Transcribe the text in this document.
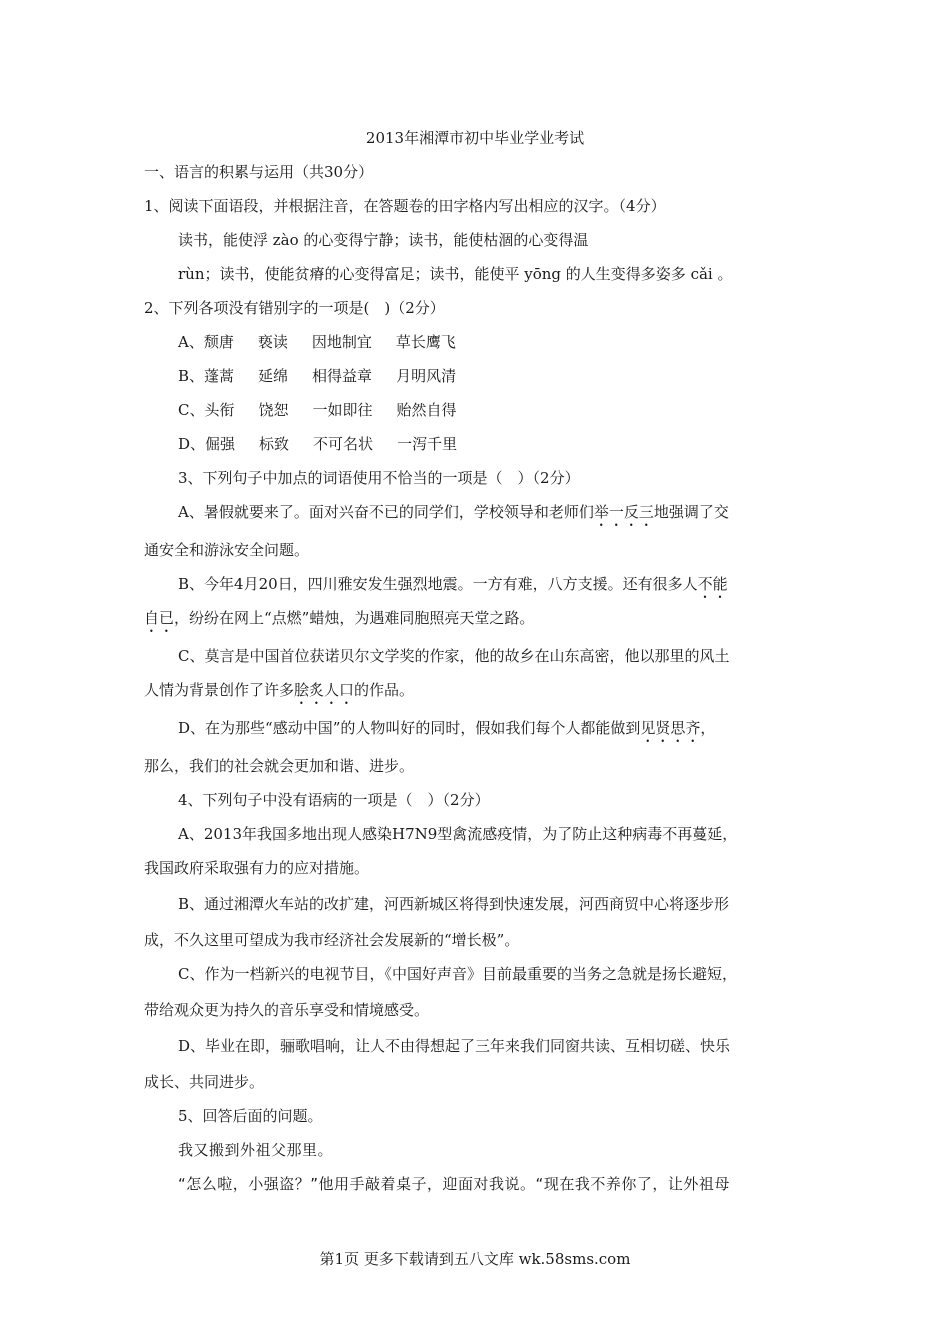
2013年湘潭市初中毕业学业考试
一、语言的积累与运用（共30分）
1、阅读下面语段，并根据注音，在答题卷的田字格内写出相应的汉字。（4分）
读书，能使浮 zào 的心变得宁静；读书，能使枯涸的心变得温
rùn；读书，使能贫瘠的心变得富足；读书，能使平 yōng 的人生变得多姿多 cǎi 。
2、下列各项没有错别字的一项是(　)（2分）
A、颓唐 亵读 因地制宜 草长鹰飞
B、蓬蒿 延绵 相得益章 月明风清
C、头衔 饶恕 一如即往 贻然自得
D、倔强 标致 不可名状 一泻千里
3、下列句子中加点的词语使用不恰当的一项是（　）（2分）
A、暑假就要来了。面对兴奋不已的同学们，学校领导和老师们举一反三地强调了交
通安全和游泳安全问题。
B、今年4月20日，四川雅安发生强烈地震。一方有难，八方支援。还有很多人不能
自已，纷纷在网上“点燃”蜡烛，为遇难同胞照亮天堂之路。
C、莫言是中国首位获诺贝尔文学奖的作家，他的故乡在山东高密，他以那里的风土
人情为背景创作了许多脍炙人口的作品。
D、在为那些“感动中国”的人物叫好的同时，假如我们每个人都能做到见贤思齐，
那么，我们的社会就会更加和谐、进步。
4、下列句子中没有语病的一项是（　）（2分）
A、2013年我国多地出现人感染H7N9型禽流感疫情，为了防止这种病毒不再蔓延，
我国政府采取强有力的应对措施。
B、通过湘潭火车站的改扩建，河西新城区将得到快速发展，河西商贸中心将逐步形
成，不久这里可望成为我市经济社会发展新的“增长极”。
C、作为一档新兴的电视节目，《中国好声音》目前最重要的当务之急就是扬长避短，
带给观众更为持久的音乐享受和情境感受。
D、毕业在即，骊歌唱响，让人不由得想起了三年来我们同窗共读、互相切磋、快乐
成长、共同进步。
5、回答后面的问题。
我又搬到外祖父那里。
“怎么啦，小强盗？”他用手敲着桌子，迎面对我说。“现在我不养你了，让外祖母
第1页 更多下载请到五八文库 wk.58sms.com
